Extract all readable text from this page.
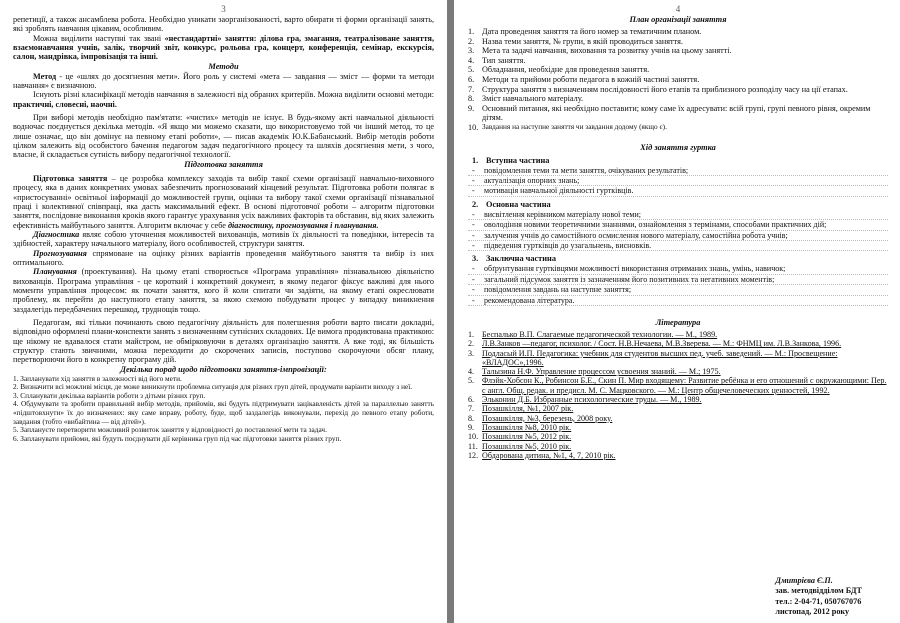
3

репетиції, а також ансамблева робота. Необхідно уникати заорганізованості, варто обирати ті форми організації занять, які зроблять навчання цікавим, особливим.

Можна виділити наступні так звані «нестандартні» заняття: ділова гра, змагання, театралізоване заняття, взаємонавчання учнів, залік, творчий звіт, конкурс, рольова гра, концерт, конференція, семінар, екскурсія, салон, мандрівка, імпровізація та інші.

Методи

Метод - це «шлях до досягнення мети». Його роль у системі «мета — завдання — зміст — форми та методи навчання» є визначною.

Існують різні класифікації методів навчання в залежності від обраних критеріїв. Можна виділити основні методи: практичні, словесні, наочні.

При виборі методів необхідно пам'ятати: «чистих» методів не існує. В будь-якому акті навчальної діяльності водночас поєднується декілька методів. «Я якщо ми можемо сказати, що використовуємо той чи інший метод, то це лише означає, що він домінує на певному етапі роботи», — писав академік Ю.К.Бабанський. Вибір методів роботи цілком залежить від особистого бачення педагогом задач педагогічного процесу та шляхів досягнення мети, з чого, власне, й складається сутність вибору педагогічної технології.

Підготовка заняття

Підготовка заняття – це розробка комплексу заходів та вибір такої схеми організації навчально-виховного процесу, яка в даних конкретних умовах забезпечить прогнозований кінцевий результат. Підготовка роботи полягає в «пристосуванні» освітньої інформації до можливостей групи, оцінки та вибору такої схеми організації пізнавальної праці і колективної співпраці, яка дасть максимальний ефект. В основі підготовчої роботи – алгоритм підготовки заняття, послідовне виконання кроків якого гарантує урахування усіх важливих факторів та обставин, від яких залежить ефективність майбутнього заняття. Алгоритм включає у себе діагностику, прогнозування і планування.

Діагностика являє собою уточнення можливостей вихованців, мотивів їх діяльності та поведінки, інтересів та здібностей, характеру начального матеріалу, його особливостей, структури заняття.

Прогнозування спрямоване на оцінку різних варіантів проведення майбутнього заняття та вибір із них оптимального.

Планування (проектування). На цьому етапі створюється «Програма управління» пізнавальною діяльністю вихованців. Програма управління - це короткий і конкретний документ, в якому педагог фіксує важливі для нього моменти управління процесом: як почати заняття, кого й коли спитати чи задіяти, на якому етапі окреслювати проблему, як перейти до наступного етапу заняття, за якою схемою побудувати процес у випадку виникнення заздалегідь передбачених перешкод, труднощів тощо.

Педагогам, які тільки починають свою педагогічну діяльність для полегшення роботи варто писати докладні, відповідно оформлені плани-конспекти занять з визначенням сутнісних складових. Це вимога продиктована практикою: ще нікому не вдавалося стати майстром, не обмірковуючи в деталях організацію заняття. А вже тоді, як більшість структур стають звичними, можна переходити до скорочених записів, поступово скорочуючи обсяг плану, перетворюючи його в конкретну програму дій.

Декілька порад щодо підготовки заняття-імпровізації:

1. Запланувати хід заняття в залежності від його мети.

2. Визначити всі можливі місця, де може виникнути проблемна ситуація для різних груп дітей, продумати варіанти виходу з неї.

3. Спланувати декілька варіантів роботи з дітьми різних груп.

4. Обдумувати та зробити правильний вибір методів, прийомів, які будуть підтримувати зацікавленість дітей за параллелью занятть «підштовхнути» їх до визначених: яку саме вправу, роботу, буде, щоб заздалегідь виконували, перехід до певного етапу роботи, завдання (тобто «вибайтина — від дітей»).

5. Заплануєте перетворити можливий розвиток заняття у відповідності до поставленої мети та задач.

6. Запланувати прийоми, які будуть поєднувати дії керівника груп під час підготовки заняття різних груп.

4
План організації заняття
1. Дата проведення заняття та його номер за тематичним планом.
2. Назва теми заняття, № групи, в якій проводиться заняття.
3. Мета та задачі навчання, виховання та розвитку учнів на цьому занятті.
4. Тип заняття.
5. Обладнання, необхідне для проведення заняття.
6. Методи та прийоми роботи педагога в кожній частині заняття.
7. Структура заняття з визначенням послідовності його етапів та приблизного розподілу часу на ції етапах.
8. Зміст навчального матеріалу.
9. Основний питання, які необхідно поставити; кому саме їх адресувати: всій групі, групі певного рівня, окремим дітям.
10. Завдання на наступне заняття чи завдання додому (якщо є).
Хід заняття гуртка
1. Вступна частина
- повідомлення теми та мети заняття, очікуваних результатів;
- актуалізація опорних знань;
- мотивація навчальної діяльності гуртківців.
2. Основна частина
- висвітлення керівником матеріалу нової теми;
- оволодіння новими теоретичними знаннями, ознайомлення з термінами, способами практичних дій;
- залучення учнів до самостійного осмислення нового матеріалу, самостійна робота учнів;
- підведення гуртківців до узагальнень, висновків.
3. Заключна частина
- обґрунтування гуртківцями можливості використання отриманих знань, умінь, навичок;
- загальний підсумок заняття із зазначенням його позитивних та негативних моментів;
- повідомлення завдань на наступне заняття;
- рекомендована література.
Література
1. Беспалько В.П. Слагаемые педагогической технологии. — М., 1989.
2. Л.В.Занков —педагог, психолог. / Сост. Н.В.Нечаева, М.В.Зверева. — М.: ФНМЦ им. Л.В.Занкова, 1996.
3. Подласый И.П. Педагогика: учебник для студентов высших пед. учеб. заведений. — М.: Просвещение: «ВЛАДОС»,1996.
4. Талызина Н.Ф. Управление процессом усвоения знаний. — М.; 1975.
5. Флэйк-Хобсон К., Робинсон Б.Е., Скин П. Мир входящему: Развитие ребёнка и его отношений с окружающими: Пер. с англ. Общ. редак. и предисл. М. С. Мацковского. — М.: Центр общечеловеческих ценностей, 1992.
6. Эльконин Д.Б. Избранные психологические труды. — М., 1989.
7. Позашкілля, №1, 2007 рік.
8. Позашкілля, №3, березень, 2008 року.
9. Позашкілля №8, 2010 рік.
10. Позашкілля №5, 2012 рік.
11. Позашкілля №5, 2010 рік.
12. Обдарована дитина, №1, 4, 7, 2010 рік.
Дмитрієва Є.П.
зав. методвідділом БДТ
тел.: 2-04-71, 050767076
листопад, 2012 року
